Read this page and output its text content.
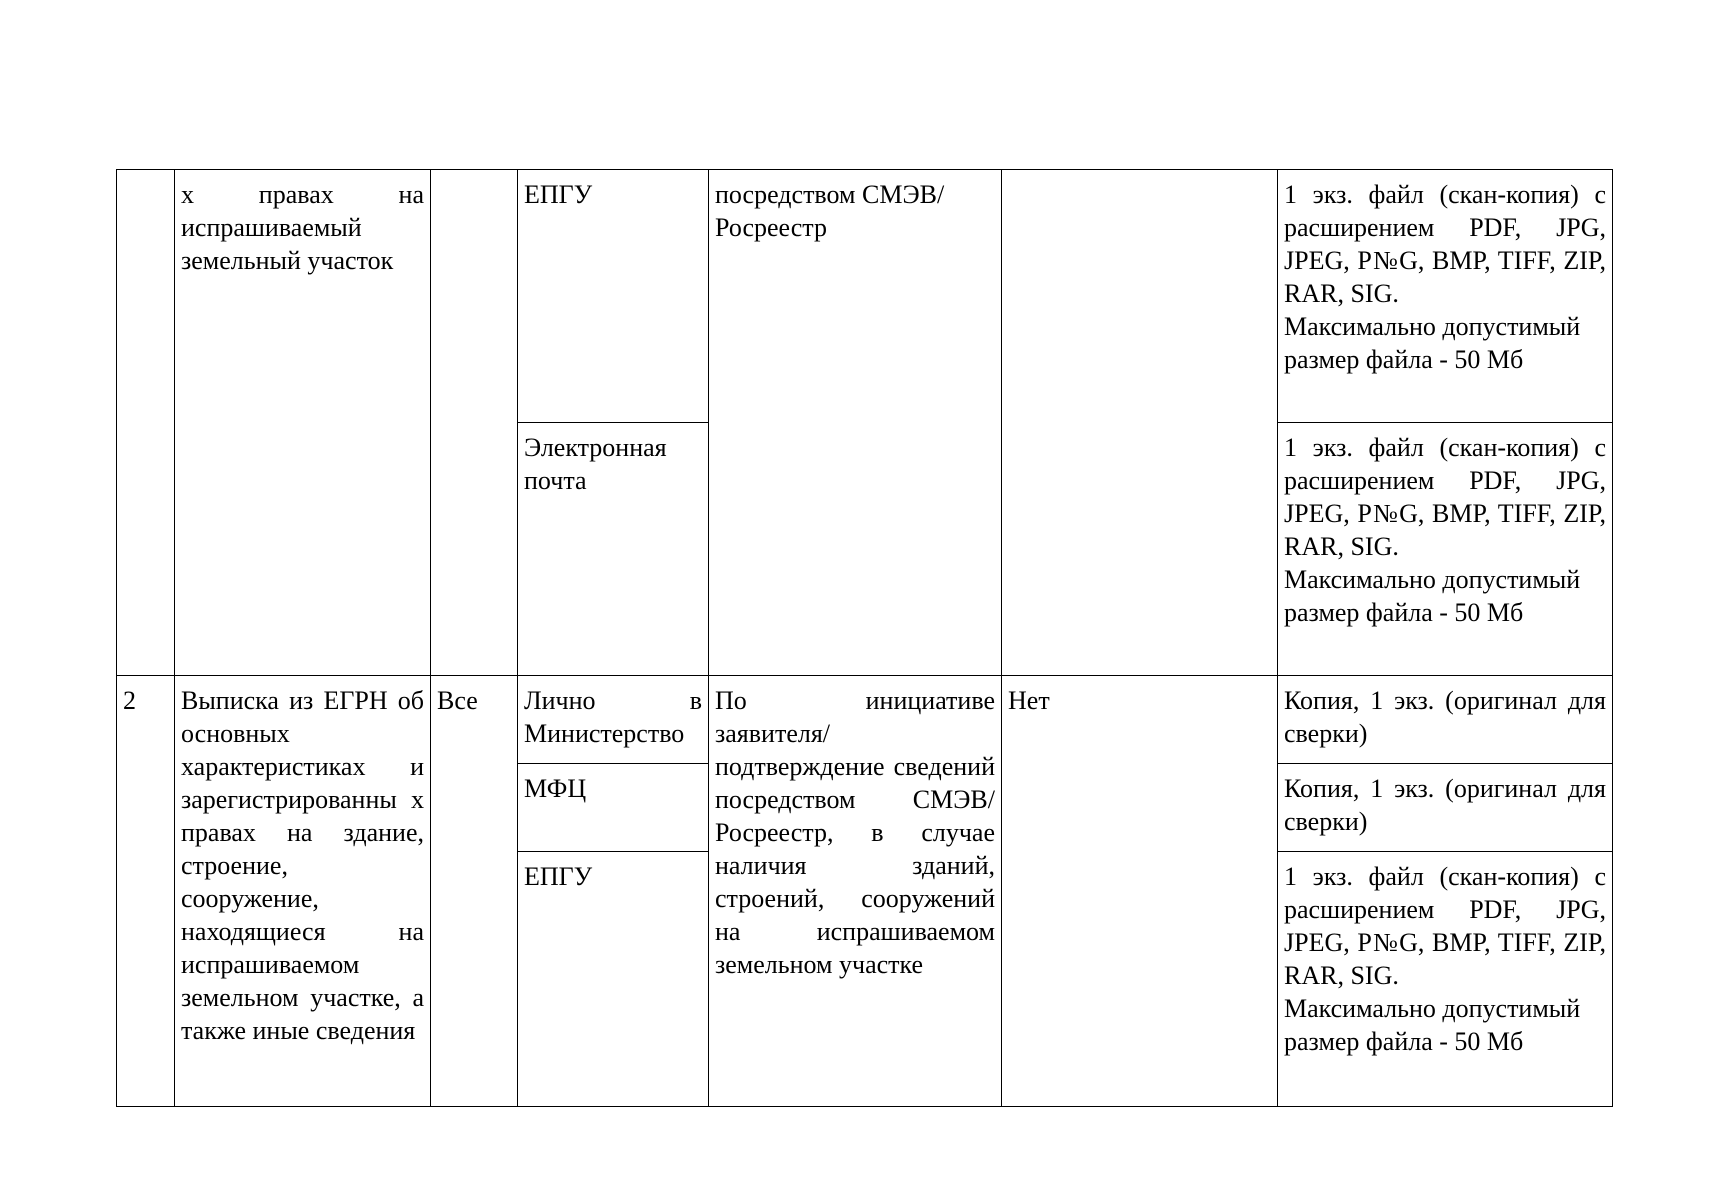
	х правах на испрашиваемый земельный участок		ЕПГУ	посредством СМЭВ/Росреестр		1 экз. файл (скан-копия) с расширением PDF, JPG, JPEG, P№G, BMP, TIFF, ZIP, RAR, SIG.
Максимально допустимый размер файла - 50 Мб

			Электронная почта			1 экз. файл (скан-копия) с расширением PDF, JPG, JPEG, P№G, BMP, TIFF, ZIP, RAR, SIG.
Максимально допустимый размер файла - 50 Мб

2	Выписка из ЕГРН об основных характеристиках и зарегистрированны х правах на здание, строение, сооружение, находящиеся на испрашиваемом земельном участке, а также иные сведения	Все	Лично в Министерство	По инициативе заявителя/подтверждение сведений посредством СМЭВ/Росреестр, в случае наличия зданий, строений, сооружений на испрашиваемом земельном участке	Нет	Копия, 1 экз. (оригинал для сверки)
			МФЦ			Копия, 1 экз. (оригинал для сверки)
			ЕПГУ			1 экз. файл (скан-копия) с расширением PDF, JPG, JPEG, P№G, BMP, TIFF, ZIP, RAR, SIG.
Максимально допустимый размер файла - 50 Мб
